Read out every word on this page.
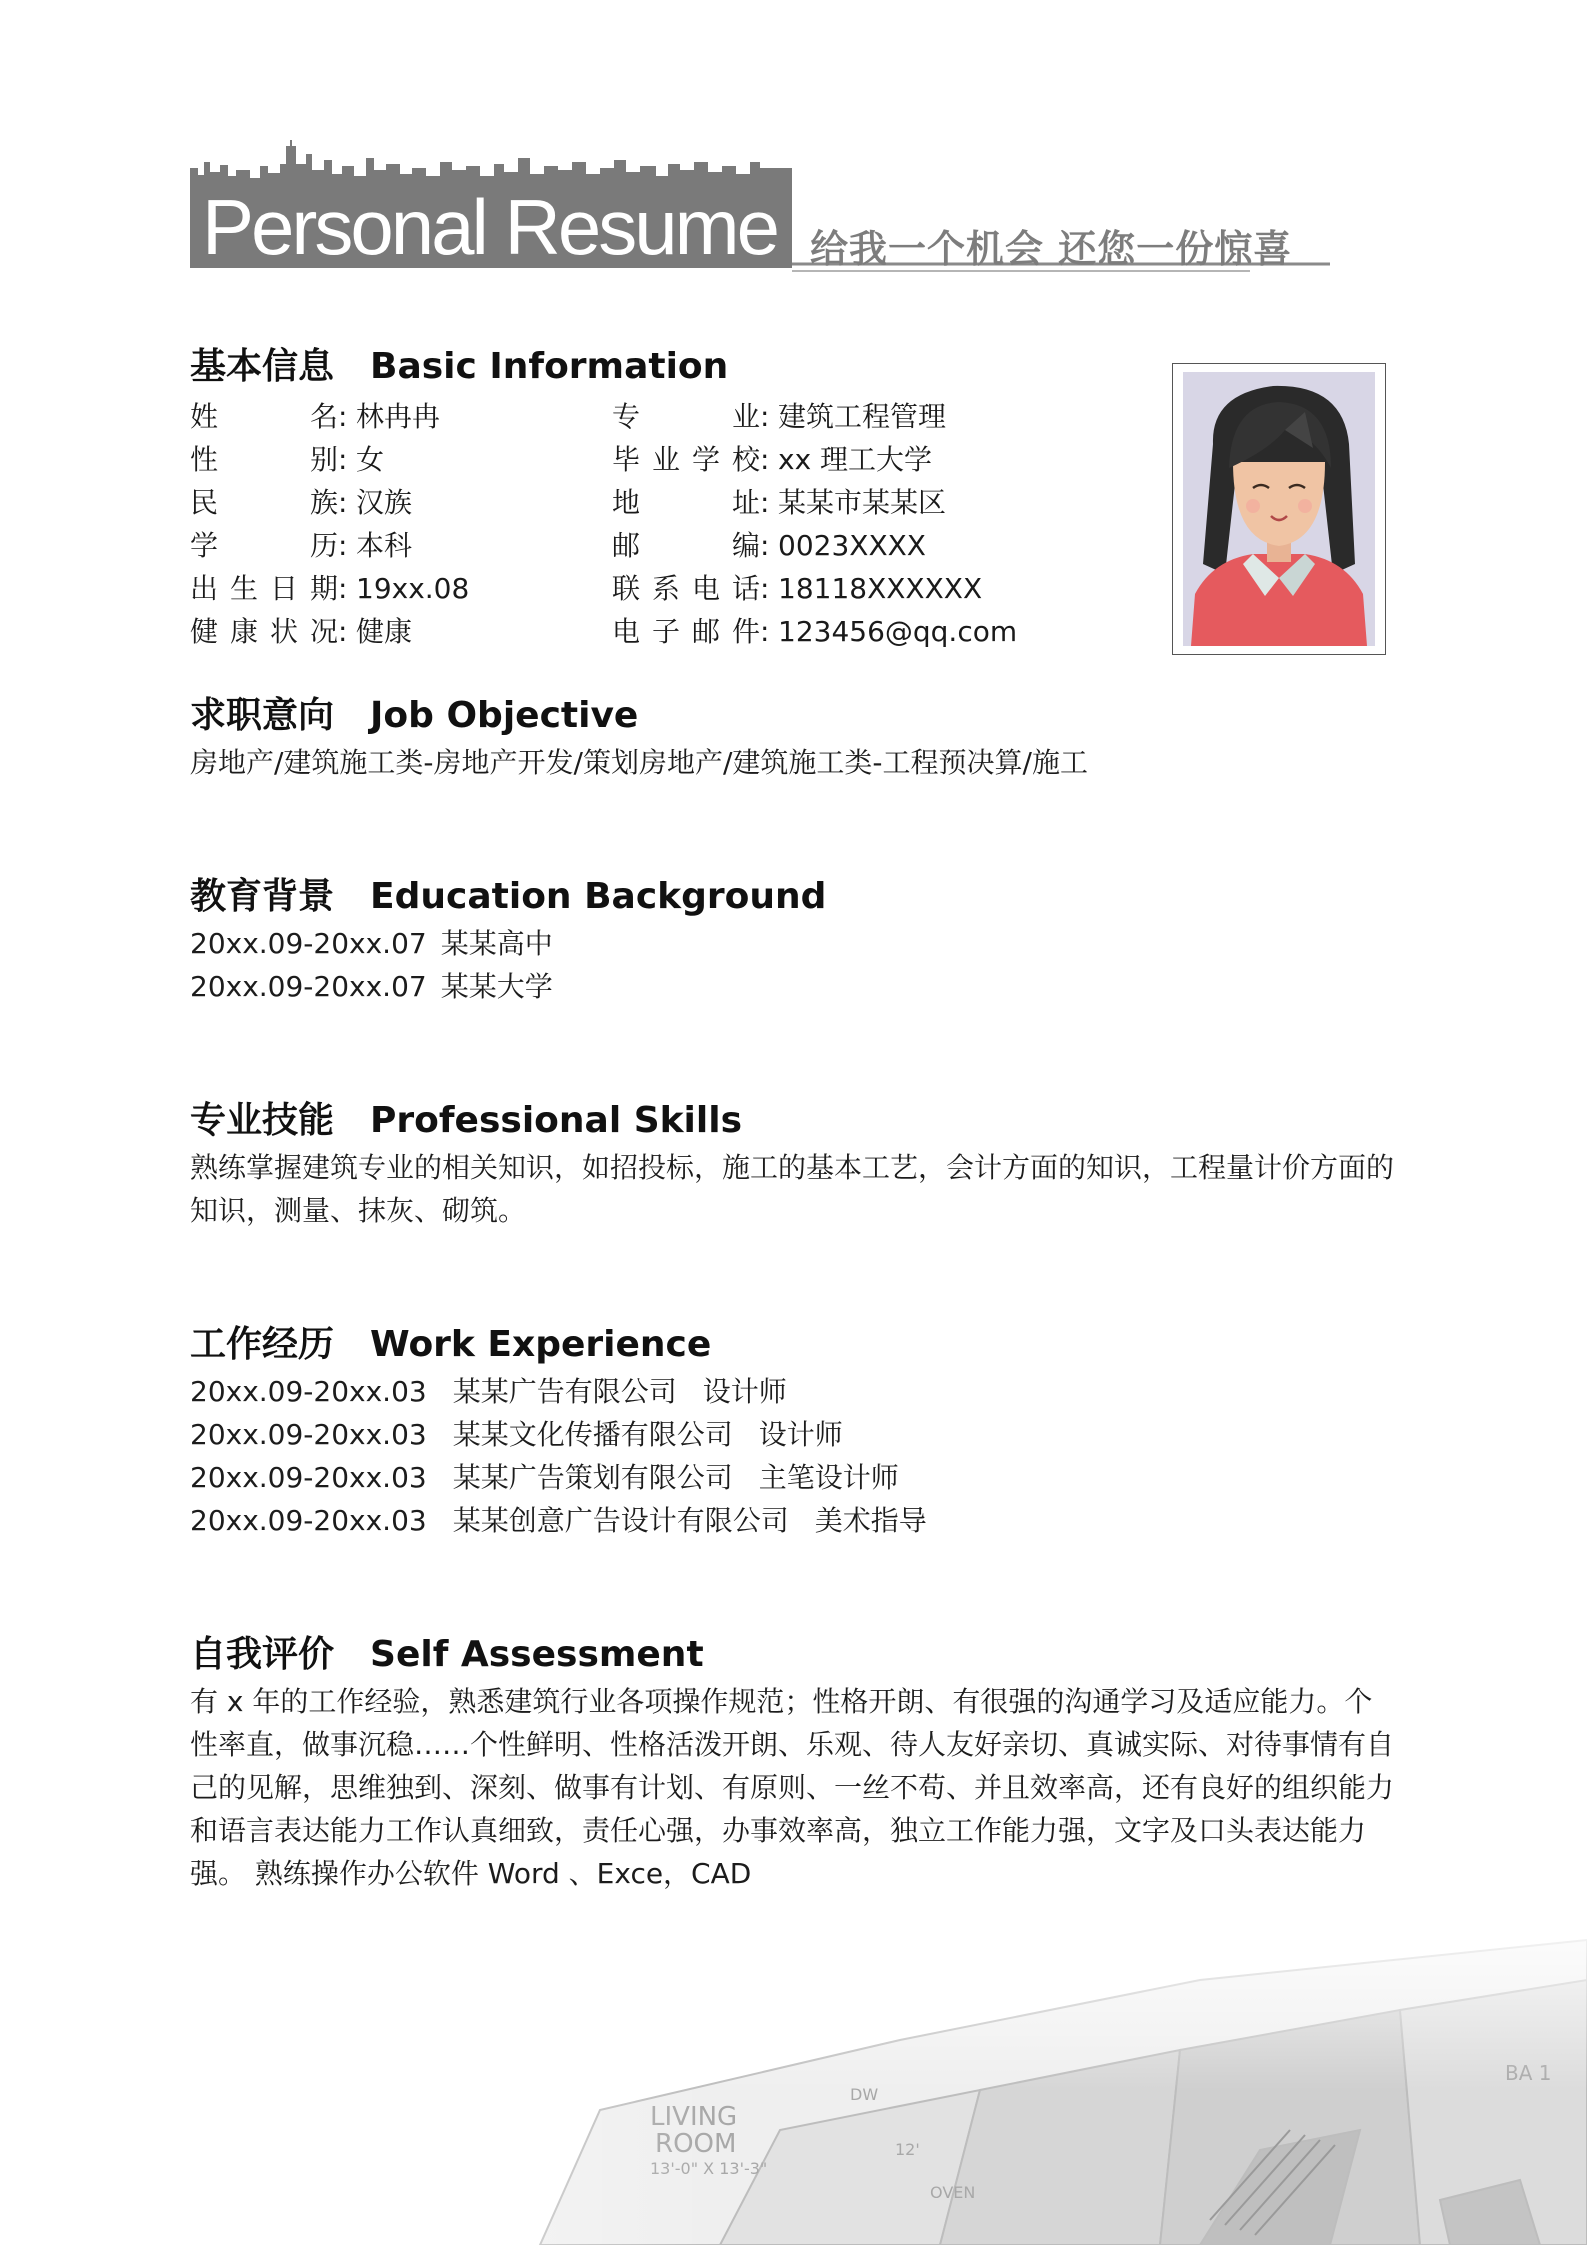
Personal Resume 给我一个机会 还您一份惊喜
基本信息 Basic Information
姓 名 : 林冉冉
性 别 : 女
民 族 : 汉族
学 历 : 本科
出生日期 : 19xx.08
健康状况 : 健康
专 业 : 建筑工程管理
毕业学校 : xx 理工大学
地 址 : 某某市某某区
邮 编 : 0023XXXX
联系电话 : 18118XXXXXX
电子邮件 : 123456@qq.com
求职意向 Job Objective
房地产/建筑施工类-房地产开发/策划房地产/建筑施工类-工程预决算/施工
教育背景 Education Background
20xx.09-20xx.07 某某高中
20xx.09-20xx.07 某某大学
专业技能 Professional Skills
熟练掌握建筑专业的相关知识，如招投标，施工的基本工艺，会计方面的知识，工程量计价方面的知识，测量、抹灰、砌筑。
工作经历 Work Experience
20xx.09-20xx.03 某某广告有限公司 设计师
20xx.09-20xx.03 某某文化传播有限公司 设计师
20xx.09-20xx.03 某某广告策划有限公司 主笔设计师
20xx.09-20xx.03 某某创意广告设计有限公司 美术指导
自我评价 Self Assessment
有 x 年的工作经验，熟悉建筑行业各项操作规范；性格开朗、有很强的沟通学习及适应能力。个性率直，做事沉稳……个性鲜明、性格活泼开朗、乐观、待人友好亲切、真诚实际、对待事情有自己的见解，思维独到、深刻、做事有计划、有原则、一丝不苟、并且效率高，还有良好的组织能力和语言表达能力工作认真细致，责任心强，办事效率高，独立工作能力强，文字及口头表达能力强。 熟练操作办公软件 Word 、Exce，CAD
